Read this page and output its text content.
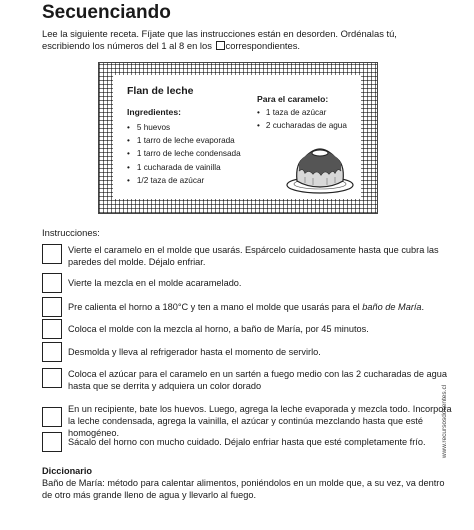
Secuenciando
Lee la siguiente receta. Fíjate que las instrucciones están en desorden. Ordénalas tú, escribiendo los números del 1 al 8 en los correspondientes.
Flan de leche
Ingredientes:
• 5 huevos
• 1 tarro de leche evaporada
• 1 tarro de leche condensada
• 1 cucharada de vainilla
• 1/2 taza de azúcar
Para el caramelo:
• 1 taza de azúcar
• 2 cucharadas de agua
Instrucciones:
Vierte el caramelo en el molde que usarás. Espárcelo cuidadosamente hasta que cubra las paredes del molde. Déjalo enfriar.
Vierte la mezcla en el molde acaramelado.
Pre calienta el horno a 180°C y ten a mano el molde que usarás para el baño de María.
Coloca el molde con la mezcla al horno, a baño de María, por 45 minutos.
Desmolda y lleva al refrigerador hasta el momento de servirlo.
Coloca el azúcar para el caramelo en un sartén a fuego medio con las 2 cucharadas de agua hasta que se derrita y adquiera un color dorado
En un recipiente, bate los huevos. Luego, agrega la leche evaporada y mezcla todo. Incorpora la leche condensada, agrega la vainilla, el azúcar y continúa mezclando hasta que esté homogéneo.
Sácalo del horno con mucho cuidado. Déjalo enfriar hasta que esté completamente frío.	www.recursosdocentes.cl
Diccionario
Baño de María: método para calentar alimentos, poniéndolos en un molde que, a su vez, va dentro de otro más grande lleno de agua y llevarlo al fuego.
